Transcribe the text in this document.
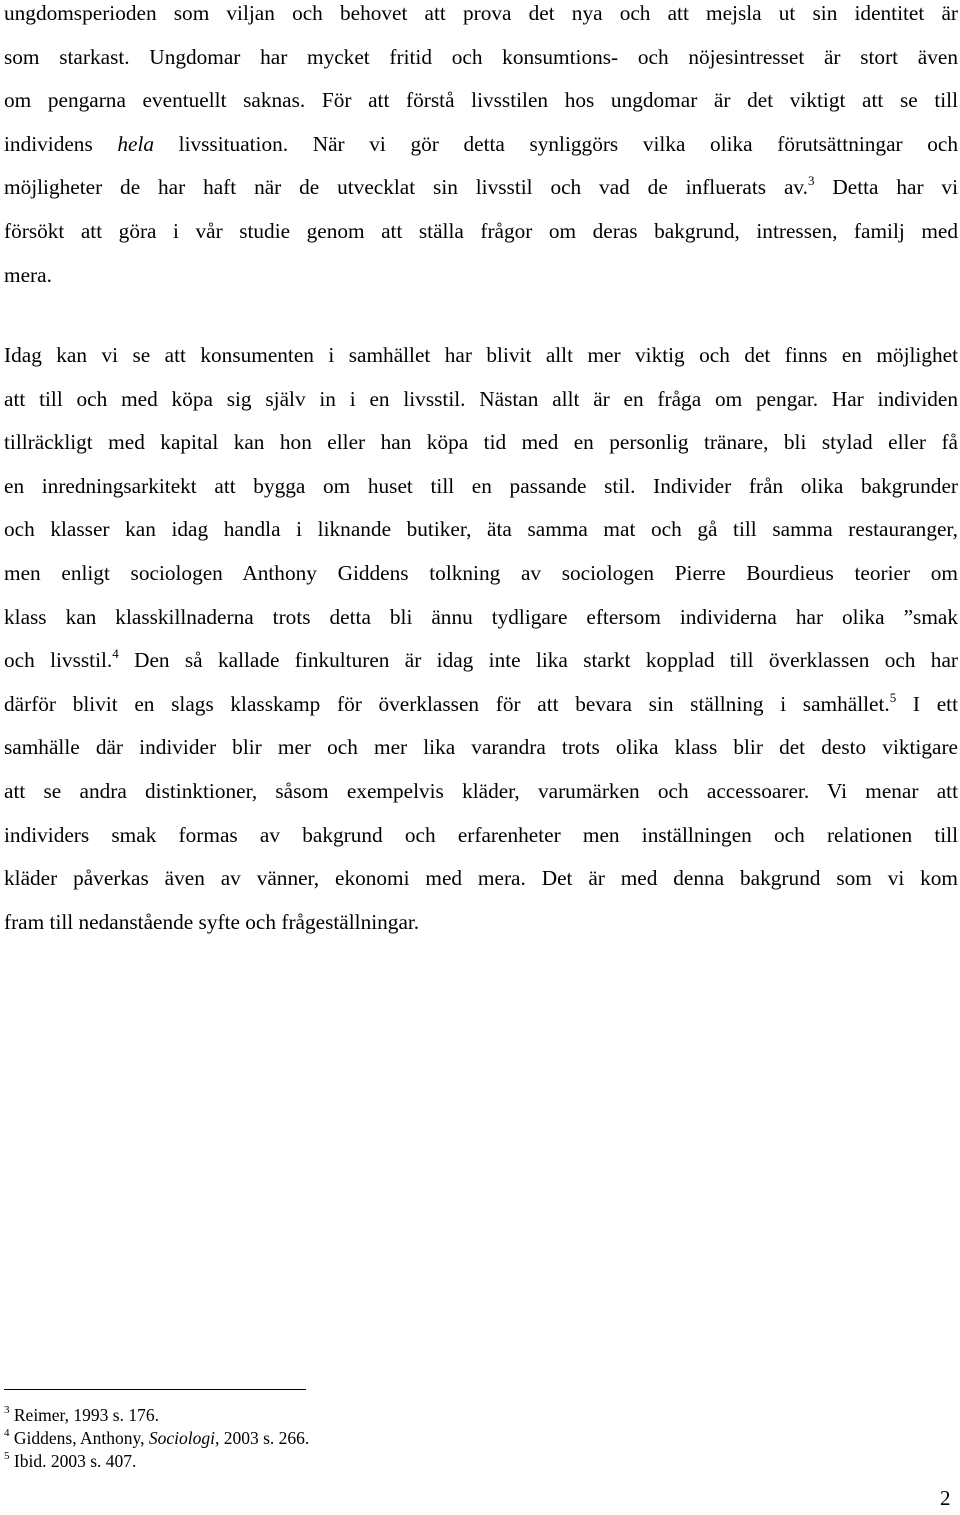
ungdomsperioden som viljan och behovet att prova det nya och att mejsla ut sin identitet är
som starkast. Ungdomar har mycket fritid och konsumtions- och nöjesintresset är stort även
om pengarna eventuellt saknas. För att förstå livsstilen hos ungdomar är det viktigt att se till
individens hela livssituation. När vi gör detta synliggörs vilka olika förutsättningar och
möjligheter de har haft när de utvecklat sin livsstil och vad de influerats av.$^3$ Detta har vi
försökt att göra i vår studie genom att ställa frågor om deras bakgrund, intressen, familj med
mera.
Idag kan vi se att konsumenten i samhället har blivit allt mer viktig och det finns en möjlighet
att till och med köpa sig själv in i en livsstil. Nästan allt är en fråga om pengar. Har individen
tillräckligt med kapital kan hon eller han köpa tid med en personlig tränare, bli stylad eller få
en inredningsarkitekt att bygga om huset till en passande stil. Individer från olika bakgrunder
och klasser kan idag handla i liknande butiker, äta samma mat och gå till samma restauranger,
men enligt sociologen Anthony Giddens tolkning av sociologen Pierre Bourdieus teorier om
klass kan klasskillnaderna trots detta bli ännu tydligare eftersom individerna har olika ”smak
och livsstil.$^4$ Den så kallade finkulturen är idag inte lika starkt kopplad till överklassen och har
därför blivit en slags klasskamp för överklassen för att bevara sin ställning i samhället.$^5$ I ett
samhälle där individer blir mer och mer lika varandra trots olika klass blir det desto viktigare
att se andra distinktioner, såsom exempelvis kläder, varumärken och accessoarer. Vi menar att
individers smak formas av bakgrund och erfarenheter men inställningen och relationen till
kläder påverkas även av vänner, ekonomi med mera. Det är med denna bakgrund som vi kom
fram till nedanstående syfte och frågeställningar.
$^3$ Reimer, 1993 s. 176.
$^4$ Giddens, Anthony, Sociologi, 2003 s. 266.
$^5$ Ibid. 2003 s. 407.
2
